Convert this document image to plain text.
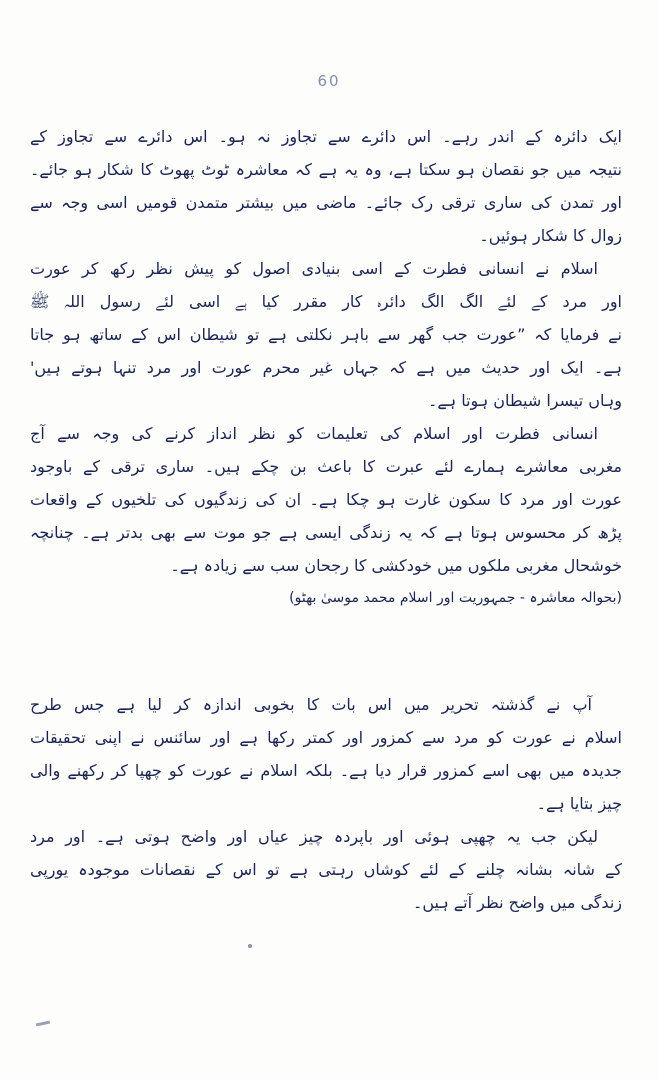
60
ایک دائرہ کے اندر رہے۔ اس دائرے سے تجاوز نہ ہو۔ اس دائرے سے تجاوز کے
نتیجہ میں جو نقصان ہو سکتا ہے، وہ یہ ہے کہ معاشرہ ٹوٹ پھوٹ کا شکار ہو جائے۔
اور تمدن کی ساری ترقی رک جائے۔ ماضی میں بیشتر متمدن قومیں اسی وجہ سے
زوال کا شکار ہوئیں۔
اسلام نے انسانی فطرت کے اسی بنیادی اصول کو پیش نظر رکھ کر عورت
اور مرد کے لئے الگ الگ دائرہ کار مقرر کیا ہے اسی لئے رسول اللہ ﷺ
نے فرمایا کہ ”عورت جب گھر سے باہر نکلتی ہے تو شیطان اس کے ساتھ ہو جاتا
ہے۔ ایک اور حدیث میں ہے کہ جہاں غیر محرم عورت اور مرد تنہا ہوتے ہیں'
وہاں تیسرا شیطان ہوتا ہے۔
انسانی فطرت اور اسلام کی تعلیمات کو نظر انداز کرنے کی وجہ سے آج
مغربی معاشرے ہمارے لئے عبرت کا باعث بن چکے ہیں۔ ساری ترقی کے باوجود
عورت اور مرد کا سکون غارت ہو چکا ہے۔ ان کی زندگیوں کی تلخیوں کے واقعات
پڑھ کر محسوس ہوتا ہے کہ یہ زندگی ایسی ہے جو موت سے بھی بدتر ہے۔ چنانچہ
خوشحال مغربی ملکوں میں خودکشی کا رجحان سب سے زیادہ ہے۔
(بحوالہ معاشرہ - جمہوریت اور اسلام محمد موسیٰ بھٹو)
آپ نے گذشتہ تحریر میں اس بات کا بخوبی اندازہ کر لیا ہے جس طرح
اسلام نے عورت کو مرد سے کمزور اور کمتر رکھا ہے اور سائنس نے اپنی تحقیقات
جدیدہ میں بھی اسے کمزور قرار دیا ہے۔ بلکہ اسلام نے عورت کو چھپا کر رکھنے والی
چیز بتایا ہے۔
لیکن جب یہ چھپی ہوئی اور باپردہ چیز عیاں اور واضح ہوتی ہے۔ اور مرد
کے شانہ بشانہ چلنے کے لئے کوشاں رہتی ہے تو اس کے نقصانات موجودہ یورپی
زندگی میں واضح نظر آتے ہیں۔
